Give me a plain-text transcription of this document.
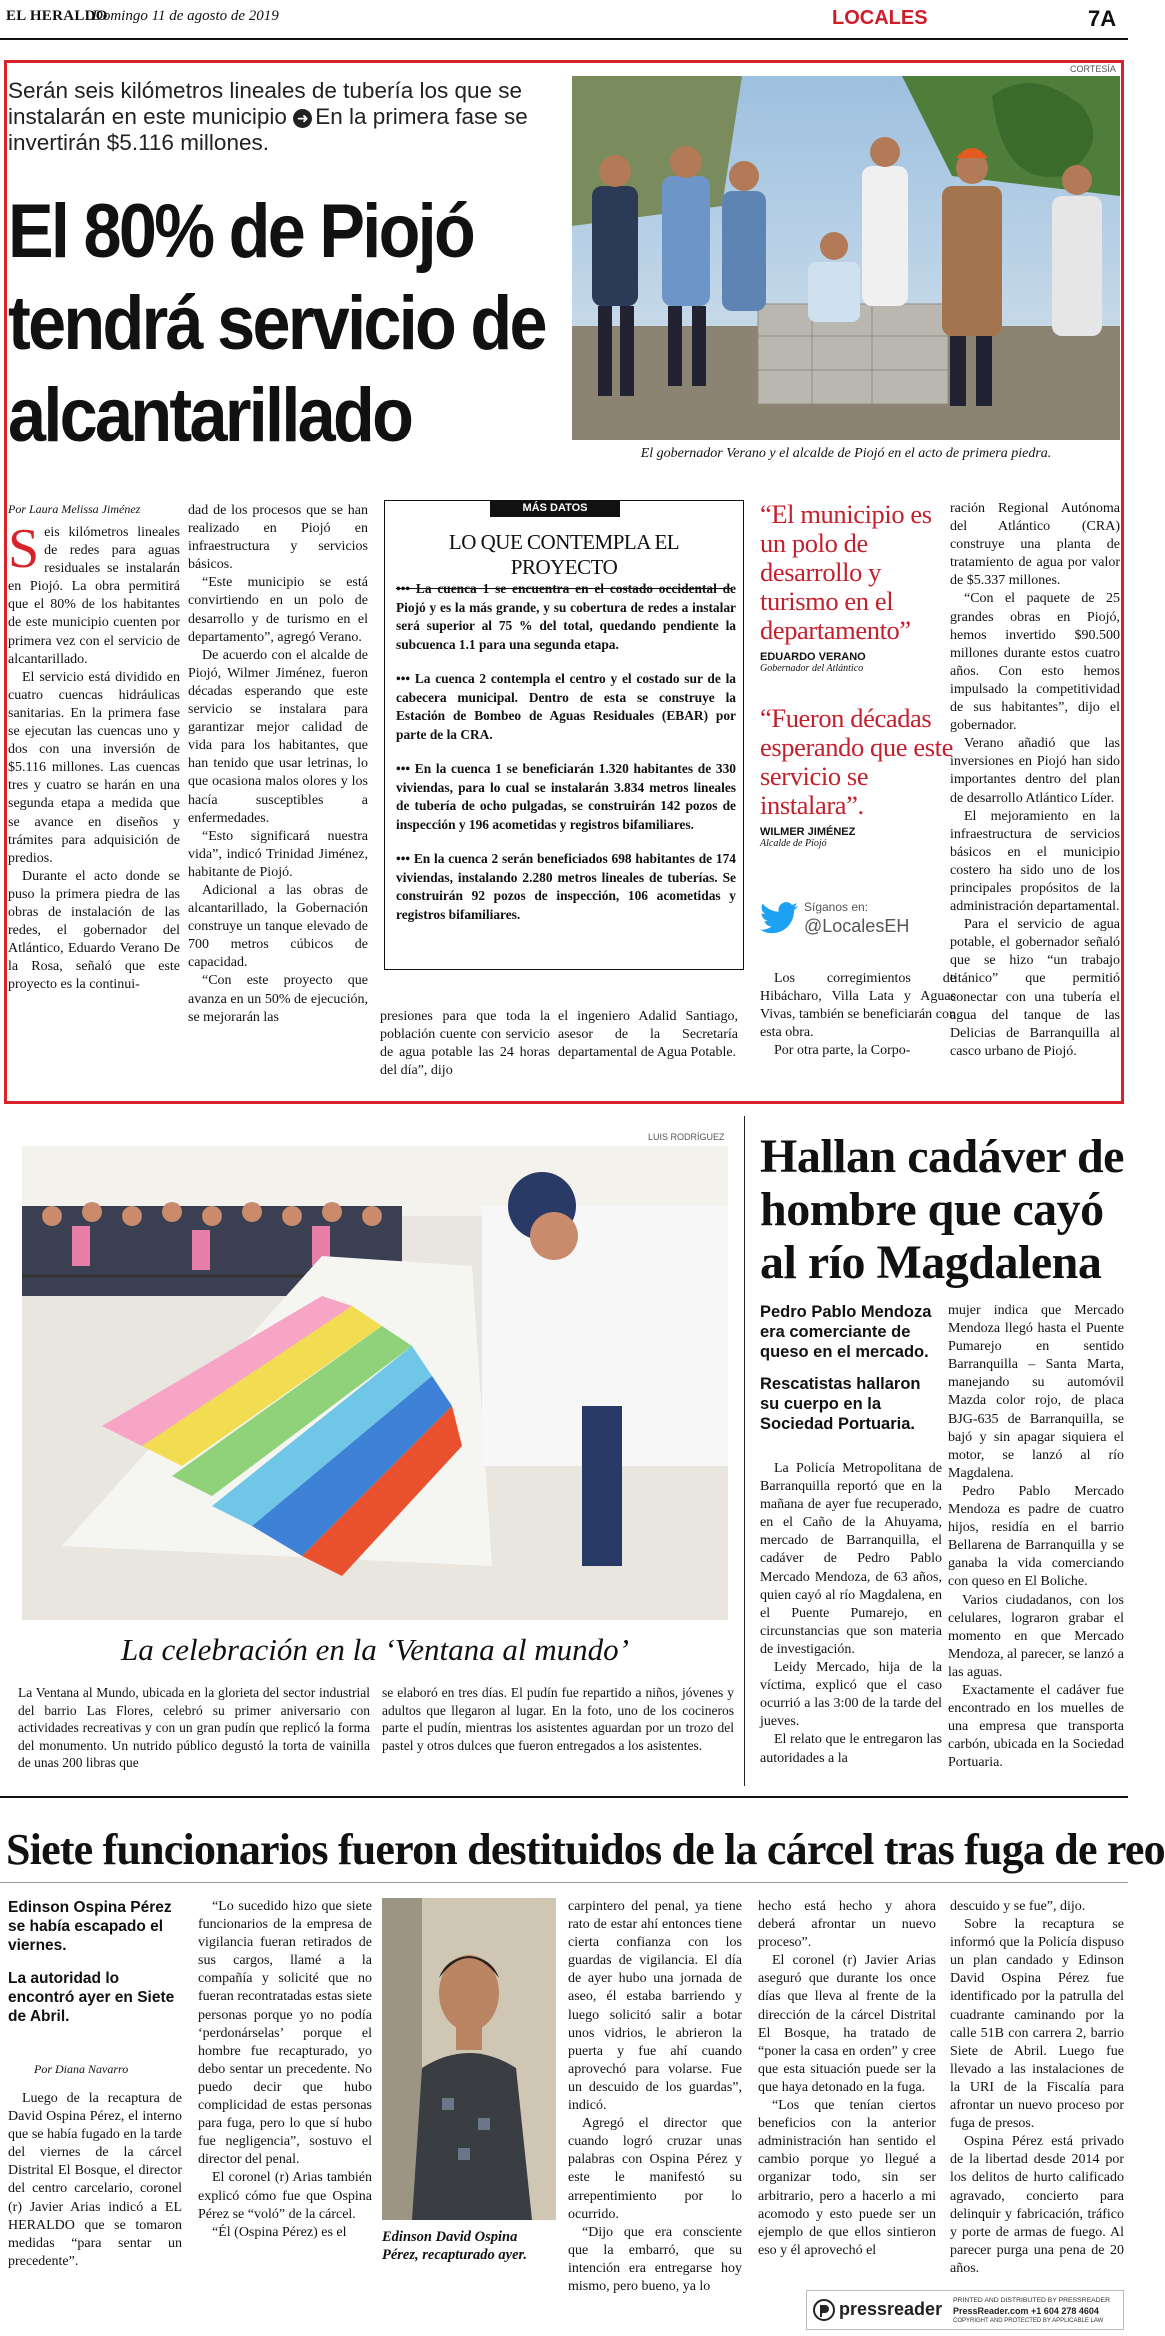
EL HERALDO
Domingo 11 de agosto de 2019	LOCALES	7A
Serán seis kilómetros lineales de tubería los que se instalarán en este municipio ➜ En la primera fase se invertirán $5.116 millones.
El 80% de Piojó
tendrá servicio de
alcantarillado
CORTESÍA
El gobernador Verano y el alcalde de Piojó en el acto de primera piedra.
Por Laura Melissa Jiménez

Seis kilómetros lineales de redes para aguas residuales se instalarán en Piojó. La obra permitirá que el 80% de los habitantes de este municipio cuenten por primera vez con el servicio de alcantarillado.

El servicio está dividido en cuatro cuencas hidráulicas sanitarias. En la primera fase se ejecutan las cuencas uno y dos con una inversión de $5.116 millones. Las cuencas tres y cuatro se harán en una segunda etapa a medida que se avance en diseños y trámites para adquisición de predios.

Durante el acto donde se puso la primera piedra de las obras de instalación de las redes, el gobernador del Atlántico, Eduardo Verano De la Rosa, señaló que este proyecto es la continui-

dad de los procesos que se han realizado en Piojó en infraestructura y servicios básicos.

“Este municipio se está convirtiendo en un polo de desarrollo y de turismo en el departamento”, agregó Verano.

De acuerdo con el alcalde de Piojó, Wilmer Jiménez, fueron décadas esperando que este servicio se instalara para garantizar mejor calidad de vida para los habitantes, que han tenido que usar letrinas, lo que ocasiona malos olores y los hacía susceptibles a enfermedades.

“Esto significará nuestra vida”, indicó Trinidad Jiménez, habitante de Piojó.

Adicional a las obras de alcantarillado, la Gobernación construye un tanque elevado de 700 metros cúbicos de capacidad.

“Con este proyecto que avanza en un 50% de ejecución, se mejorarán las	presiones para que toda la población cuente con servicio de agua potable las 24 horas del día”, dijo

el ingeniero Adalid Santiago, asesor de la Secretaría departamental de Agua Potable.

MÁS DATOS
LO QUE CONTEMPLA EL PROYECTO

••• La cuenca 1 se encuentra en el costado occidental de Piojó y es la más grande, y su cobertura de redes a instalar será superior al 75 % del total, quedando pendiente la subcuenca 1.1 para una segunda etapa.

••• La cuenca 2 contempla el centro y el costado sur de la cabecera municipal. Dentro de esta se construye la Estación de Bombeo de Aguas Residuales (EBAR) por parte de la CRA.

••• En la cuenca 1 se beneficiarán 1.320 habitantes de 330 viviendas, para lo cual se instalarán 3.834 metros lineales de tubería de ocho pulgadas, se construirán 142 pozos de inspección y 196 acometidas y registros bifamiliares.

••• En la cuenca 2 serán beneficiados 698 habitantes de 174 viviendas, instalando 2.280 metros lineales de tuberías. Se construirán 92 pozos de inspección, 106 acometidas y registros bifamiliares.

“El municipio es un polo de desarrollo y turismo en el departamento”
EDUARDO VERANO
Gobernador del Atlántico
“Fueron décadas esperando que este servicio se instalara”.
WILMER JIMÉNEZ
Alcalde de Piojó
Síganos en:
@LocalesEH

Los corregimientos de Hibácharo, Villa Lata y Aguas Vivas, también se beneficiarán con esta obra.

Por otra parte, la Corpo-

ración Regional Autónoma del Atlántico (CRA) construye una planta de tratamiento de agua por valor de $5.337 millones.

“Con el paquete de 25 grandes obras en Piojó, hemos invertido $90.500 millones durante estos cuatro años. Con esto hemos impulsado la competitividad de sus habitantes”, dijo el gobernador.

Verano añadió que las inversiones en Piojó han sido importantes dentro del plan de desarrollo Atlántico Líder.

El mejoramiento en la infraestructura de servicios básicos en el municipio costero ha sido uno de los principales propósitos de la administración departamental.

Para el servicio de agua potable, el gobernador señaló que se hizo “un trabajo titánico” que permitió conectar con una tubería el agua del tanque de las Delicias de Barranquilla al casco urbano de Piojó.

LUIS RODRÍGUEZ
La celebración en la ‘Ventana al mundo’
La Ventana al Mundo, ubicada en la glorieta del sector industrial del barrio Las Flores, celebró su primer aniversario con actividades recreativas y con un gran pudín que replicó la forma del monumento. Un nutrido público degustó la torta de vainilla de unas 200 libras que
se elaboró en tres días. El pudín fue repartido a niños, jóvenes y adultos que llegaron al lugar. En la foto, uno de los cocineros parte el pudín, mientras los asistentes aguardan por un trozo del pastel y otros dulces que fueron entregados a los asistentes.
Hallan cadáver de hombre que cayó al río Magdalena
Pedro Pablo Mendoza era comerciante de queso en el mercado.
Rescatistas hallaron su cuerpo en la Sociedad Portuaria.

La Policía Metropolitana de Barranquilla reportó que en la mañana de ayer fue recuperado, en el Caño de la Ahuyama, mercado de Barranquilla, el cadáver de Pedro Pablo Mercado Mendoza, de 63 años, quien cayó al río Magdalena, en el Puente Pumarejo, en circunstancias que son materia de investigación.

Leidy Mercado, hija de la víctima, explicó que el caso ocurrió a las 3:00 de la tarde del jueves.

El relato que le entregaron las autoridades a la

mujer indica que Mercado Mendoza llegó hasta el Puente Pumarejo en sentido Barranquilla – Santa Marta, manejando su automóvil Mazda color rojo, de placa BJG-635 de Barranquilla, se bajó y sin apagar siquiera el motor, se lanzó al río Magdalena.

Pedro Pablo Mercado Mendoza es padre de cuatro hijos, residía en el barrio Bellarena de Barranquilla y se ganaba la vida comerciando con queso en El Boliche.

Varios ciudadanos, con los celulares, lograron grabar el momento en que Mercado Mendoza, al parecer, se lanzó a las aguas.

Exactamente el cadáver fue encontrado en los muelles de una empresa que transporta carbón, ubicada en la Sociedad Portuaria.

Siete funcionarios fueron destituidos de la cárcel tras fuga de reo
Edinson Ospina Pérez se había escapado el viernes.
La autoridad lo encontró ayer en Siete de Abril.
Por Diana Navarro

Luego de la recaptura de David Ospina Pérez, el interno que se había fugado en la tarde del viernes de la cárcel Distrital El Bosque, el director del centro carcelario, coronel (r) Javier Arias indicó a EL HERALDO que se tomaron medidas “para sentar un precedente”.

“Lo sucedido hizo que siete funcionarios de la empresa de vigilancia fueran retirados de sus cargos, llamé a la compañía y solicité que no fueran recontratadas estas siete personas porque yo no podía ‘perdonárselas’ porque el hombre fue recapturado, yo debo sentar un precedente. No puedo decir que hubo complicidad de estas personas para fuga, pero lo que sí hubo fue negligencia”, sostuvo el director del penal.

El coronel (r) Arias también explicó cómo fue que Ospina Pérez se “voló” de la cárcel.

“Él (Ospina Pérez) es el	Edinson David Ospina Pérez, recapturado ayer.

carpintero del penal, ya tiene rato de estar ahí entonces tiene cierta confianza con los guardas de vigilancia. El día de ayer hubo una jornada de aseo, él estaba barriendo y luego solicitó salir a botar unos vidrios, le abrieron la puerta y fue ahí cuando aprovechó para volarse. Fue un descuido de los guardas”, indicó.

Agregó el director que cuando logró cruzar unas palabras con Ospina Pérez y este le manifestó su arrepentimiento por lo ocurrido.

“Dijo que era consciente que la embarró, que su intención era entregarse hoy mismo, pero bueno, ya lo

hecho está hecho y ahora deberá afrontar un nuevo proceso”.

El coronel (r) Javier Arias aseguró que durante los once días que lleva al frente de la dirección de la cárcel Distrital El Bosque, ha tratado de “poner la casa en orden” y cree que esta situación puede ser la que haya detonado en la fuga.

“Los que tenían ciertos beneficios con la anterior administración han sentido el cambio porque yo llegué a organizar todo, sin ser arbitrario, pero a hacerlo a mi acomodo y esto puede ser un ejemplo de que ellos sintieron eso y él aprovechó el

descuido y se fue”, dijo.

Sobre la recaptura se informó que la Policía dispuso un plan candado y Edinson David Ospina Pérez fue identificado por la patrulla del cuadrante caminando por la calle 51B con carrera 2, barrio Siete de Abril. Luego fue llevado a las instalaciones de la URI de la Fiscalía para afrontar un nuevo proceso por fuga de presos.

Ospina Pérez está privado de la libertad desde 2014 por los delitos de hurto calificado agravado, concierto para delinquir y fabricación, tráfico y porte de armas de fuego. Al parecer purga una pena de 20 años.

pressreader PRINTED AND DISTRIBUTED BY PRESSREADER
PressReader.com +1 604 278 4604
COPYRIGHT AND PROTECTED BY APPLICABLE LAW
